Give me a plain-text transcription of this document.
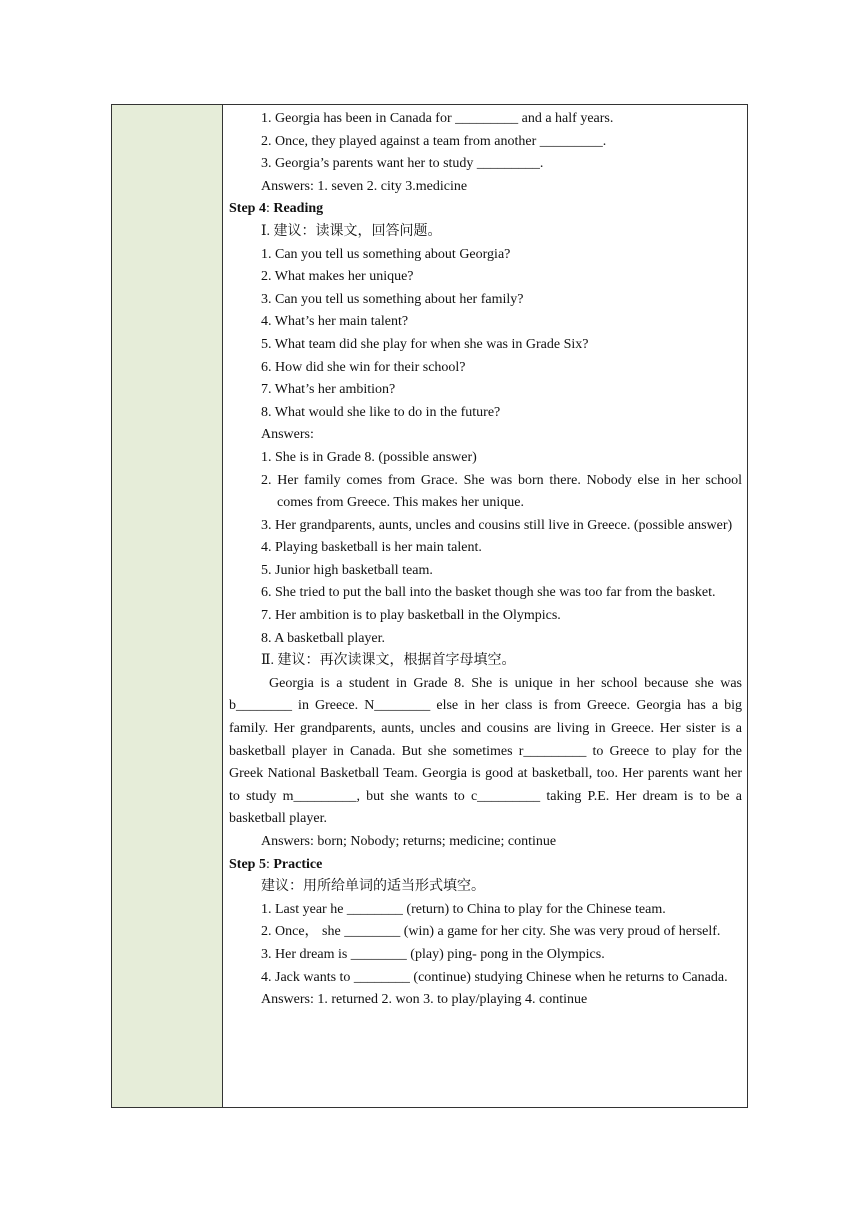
1. Georgia has been in Canada for _________ and a half years.

2. Once, they played against a team from another _________.

3. Georgia’s parents want her to study _________.

Answers: 1. seven 2. city 3.medicine

Step 4: Reading

Ⅰ. 建议：读课文，回答问题。

1. Can you tell us something about Georgia?

2. What makes her unique?

3. Can you tell us something about her family?

4. What’s her main talent?

5. What team did she play for when she was in Grade Six?

6. How did she win for their school?

7. What’s her ambition?

8. What would she like to do in the future?

Answers:

1. She is in Grade 8. (possible answer)

2. Her family comes from Grace. She was born there. Nobody else in her school comes from Greece. This makes her unique.

3. Her grandparents, aunts, uncles and cousins still live in Greece. (possible answer)

4. Playing basketball is her main talent.

5. Junior high basketball team.

6. She tried to put the ball into the basket though she was too far from the basket.

7. Her ambition is to play basketball in the Olympics.

8. A basketball player.

Ⅱ. 建议：再次读课文，根据首字母填空。

Georgia is a student in Grade 8. She is unique in her school because she was b________ in Greece. N________ else in her class is from Greece. Georgia has a big family. Her grandparents, aunts, uncles and cousins are living in Greece. Her sister is a basketball player in Canada. But she sometimes r_________ to Greece to play for the Greek National Basketball Team. Georgia is good at basketball, too. Her parents want her to study m_________, but she wants to c_________ taking P.E. Her dream is to be a basketball player.

Answers: born; Nobody; returns; medicine; continue

Step 5: Practice

建议：用所给单词的适当形式填空。

1. Last year he ________ (return) to China to play for the Chinese team.

2. Once， she ________ (win) a game for her city. She was very proud of herself.

3. Her dream is ________ (play) ping- pong in the Olympics.

4. Jack wants to ________ (continue) studying Chinese when he returns to Canada.

Answers: 1. returned 2. won 3. to play/playing 4. continue
